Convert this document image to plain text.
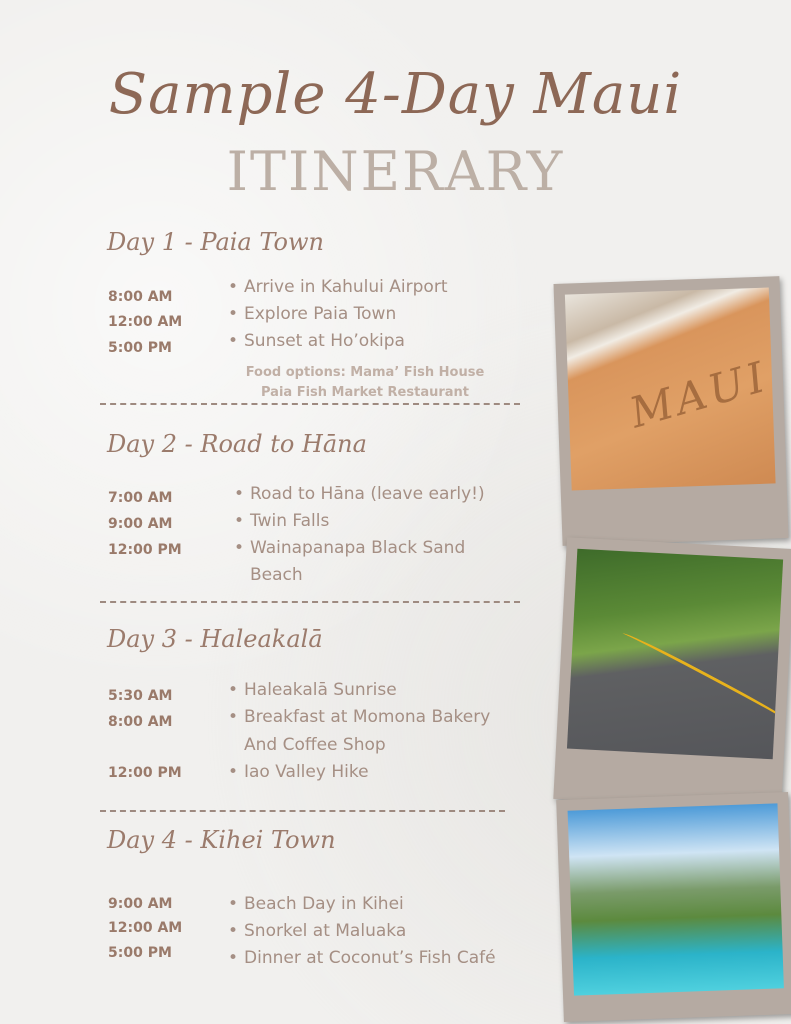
Sample 4-Day Maui
ITINERARY
Day 1 - Paia Town
8:00 AM
12:00 AM
5:00 PM
• Arrive in Kahului Airport
• Explore Paia Town
• Sunset at Ho’okipa
Food options: Mama’ Fish House
Paia Fish Market Restaurant
Day 2 - Road to Hāna
7:00 AM
9:00 AM
12:00 PM
• Road to Hāna (leave early!)
• Twin Falls
• Wainapanapa Black Sand
Beach
Day 3 - Haleakalā
5:30 AM
8:00 AM
12:00 PM
• Haleakalā Sunrise
• Breakfast at Momona Bakery
And Coffee Shop
• Iao Valley Hike
Day 4 - Kihei Town
9:00 AM
12:00 AM
5:00 PM
• Beach Day in Kihei
• Snorkel at Maluaka
• Dinner at Coconut’s Fish Café
MAUI
